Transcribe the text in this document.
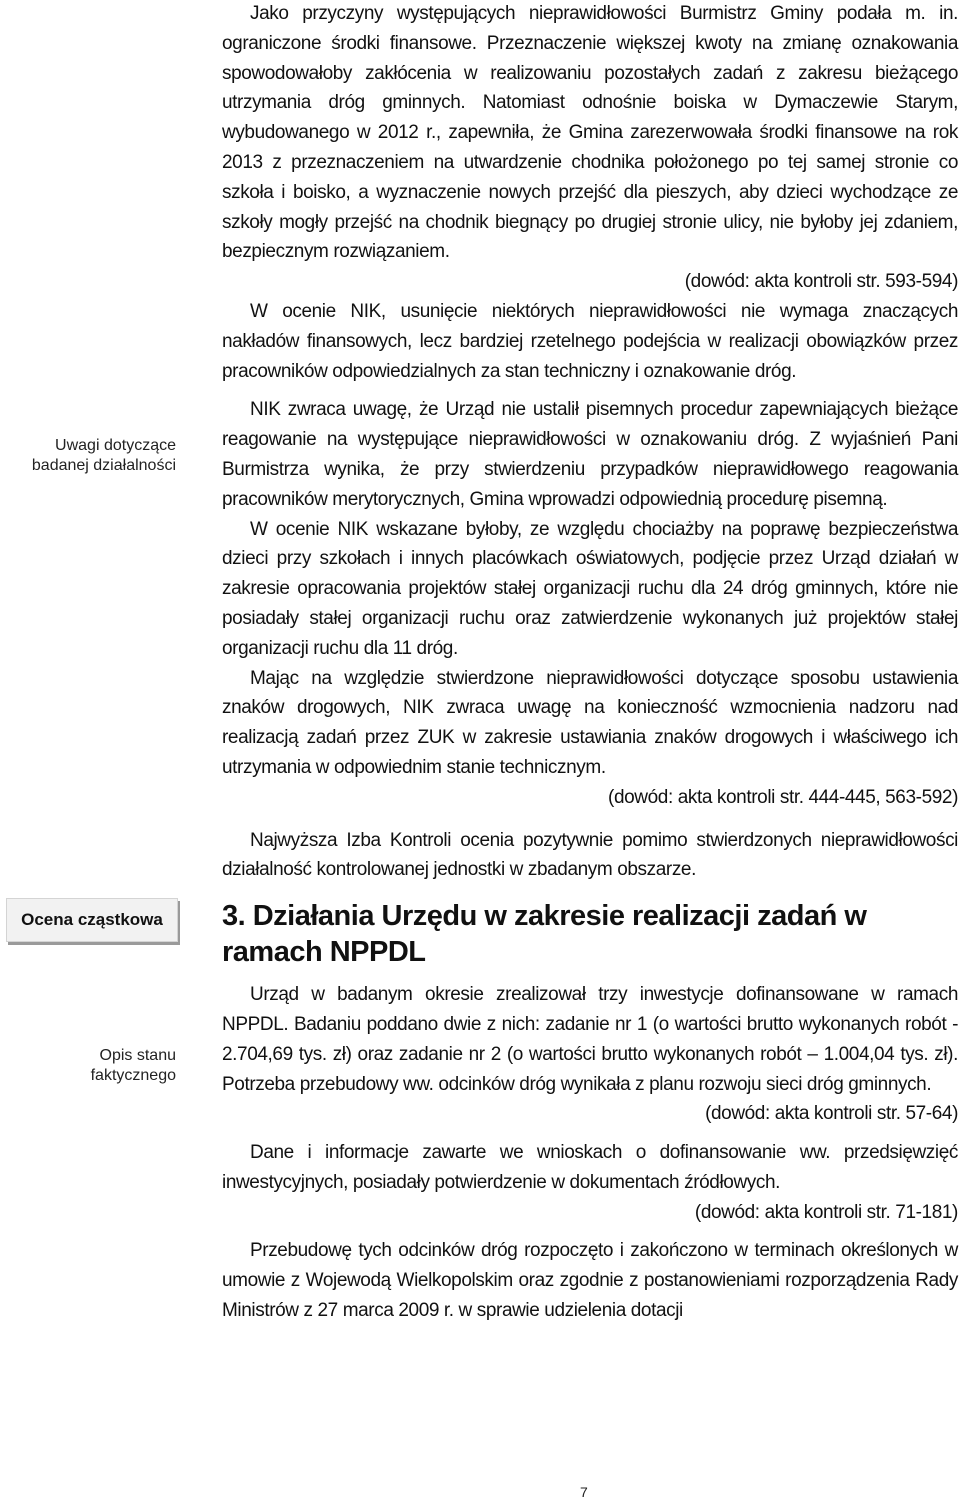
Uwagi dotyczące badanej działalności
Ocena cząstkowa
Opis stanu faktycznego

Jako przyczyny występujących nieprawidłowości Burmistrz Gminy podała m. in. ograniczone środki finansowe. Przeznaczenie większej kwoty na zmianę oznakowania spowodowałoby zakłócenia w realizowaniu pozostałych zadań z zakresu bieżącego utrzymania dróg gminnych. Natomiast odnośnie boiska w Dymaczewie Starym, wybudowanego w 2012 r., zapewniła, że Gmina zarezerwowała środki finansowe na rok 2013 z przeznaczeniem na utwardzenie chodnika położonego po tej samej stronie co szkoła i boisko, a wyznaczenie nowych przejść dla pieszych, aby dzieci wychodzące ze szkoły mogły przejść na chodnik biegnący po drugiej stronie ulicy, nie byłoby jej zdaniem, bezpiecznym rozwiązaniem.

(dowód: akta kontroli str. 593-594)

W ocenie NIK, usunięcie niektórych nieprawidłowości nie wymaga znaczących nakładów finansowych, lecz bardziej rzetelnego podejścia w realizacji obowiązków przez pracowników odpowiedzialnych za stan techniczny i oznakowanie dróg.

NIK zwraca uwagę, że Urząd nie ustalił pisemnych procedur zapewniających bieżące reagowanie na występujące nieprawidłowości w oznakowaniu dróg. Z wyjaśnień Pani Burmistrza wynika, że przy stwierdzeniu przypadków nieprawidłowego reagowania pracowników merytorycznych, Gmina wprowadzi odpowiednią procedurę pisemną.

W ocenie NIK wskazane byłoby, ze względu chociażby na poprawę bezpieczeństwa dzieci przy szkołach i innych placówkach oświatowych, podjęcie przez Urząd działań w zakresie opracowania projektów stałej organizacji ruchu dla 24 dróg gminnych, które nie posiadały stałej organizacji ruchu oraz zatwierdzenie wykonanych już projektów stałej organizacji ruchu dla 11 dróg.

Mając na względzie stwierdzone nieprawidłowości dotyczące sposobu ustawienia znaków drogowych, NIK zwraca uwagę na konieczność wzmocnienia nadzoru nad realizacją zadań przez ZUK w zakresie ustawiania znaków drogowych i właściwego ich utrzymania w odpowiednim stanie technicznym.

(dowód: akta kontroli str. 444-445, 563-592)

Najwyższa Izba Kontroli ocenia pozytywnie pomimo stwierdzonych nieprawidłowości działalność kontrolowanej jednostki w zbadanym obszarze.

3. Działania Urzędu w zakresie realizacji zadań w ramach NPPDL

Urząd w badanym okresie zrealizował trzy inwestycje dofinansowane w ramach NPPDL. Badaniu poddano dwie z nich: zadanie nr 1 (o wartości brutto wykonanych robót - 2.704,69 tys. zł) oraz zadanie nr 2 (o wartości brutto wykonanych robót – 1.004,04 tys. zł). Potrzeba przebudowy ww. odcinków dróg wynikała z planu rozwoju sieci dróg gminnych.

(dowód: akta kontroli str. 57-64)

Dane i informacje zawarte we wnioskach o dofinansowanie ww. przedsięwzięć inwestycyjnych, posiadały potwierdzenie w dokumentach źródłowych.

(dowód: akta kontroli str. 71-181)

Przebudowę tych odcinków dróg rozpoczęto i zakończono w terminach określonych w umowie z Wojewodą Wielkopolskim oraz zgodnie z postanowieniami rozporządzenia Rady Ministrów z 27 marca 2009 r. w sprawie udzielenia dotacji

7
